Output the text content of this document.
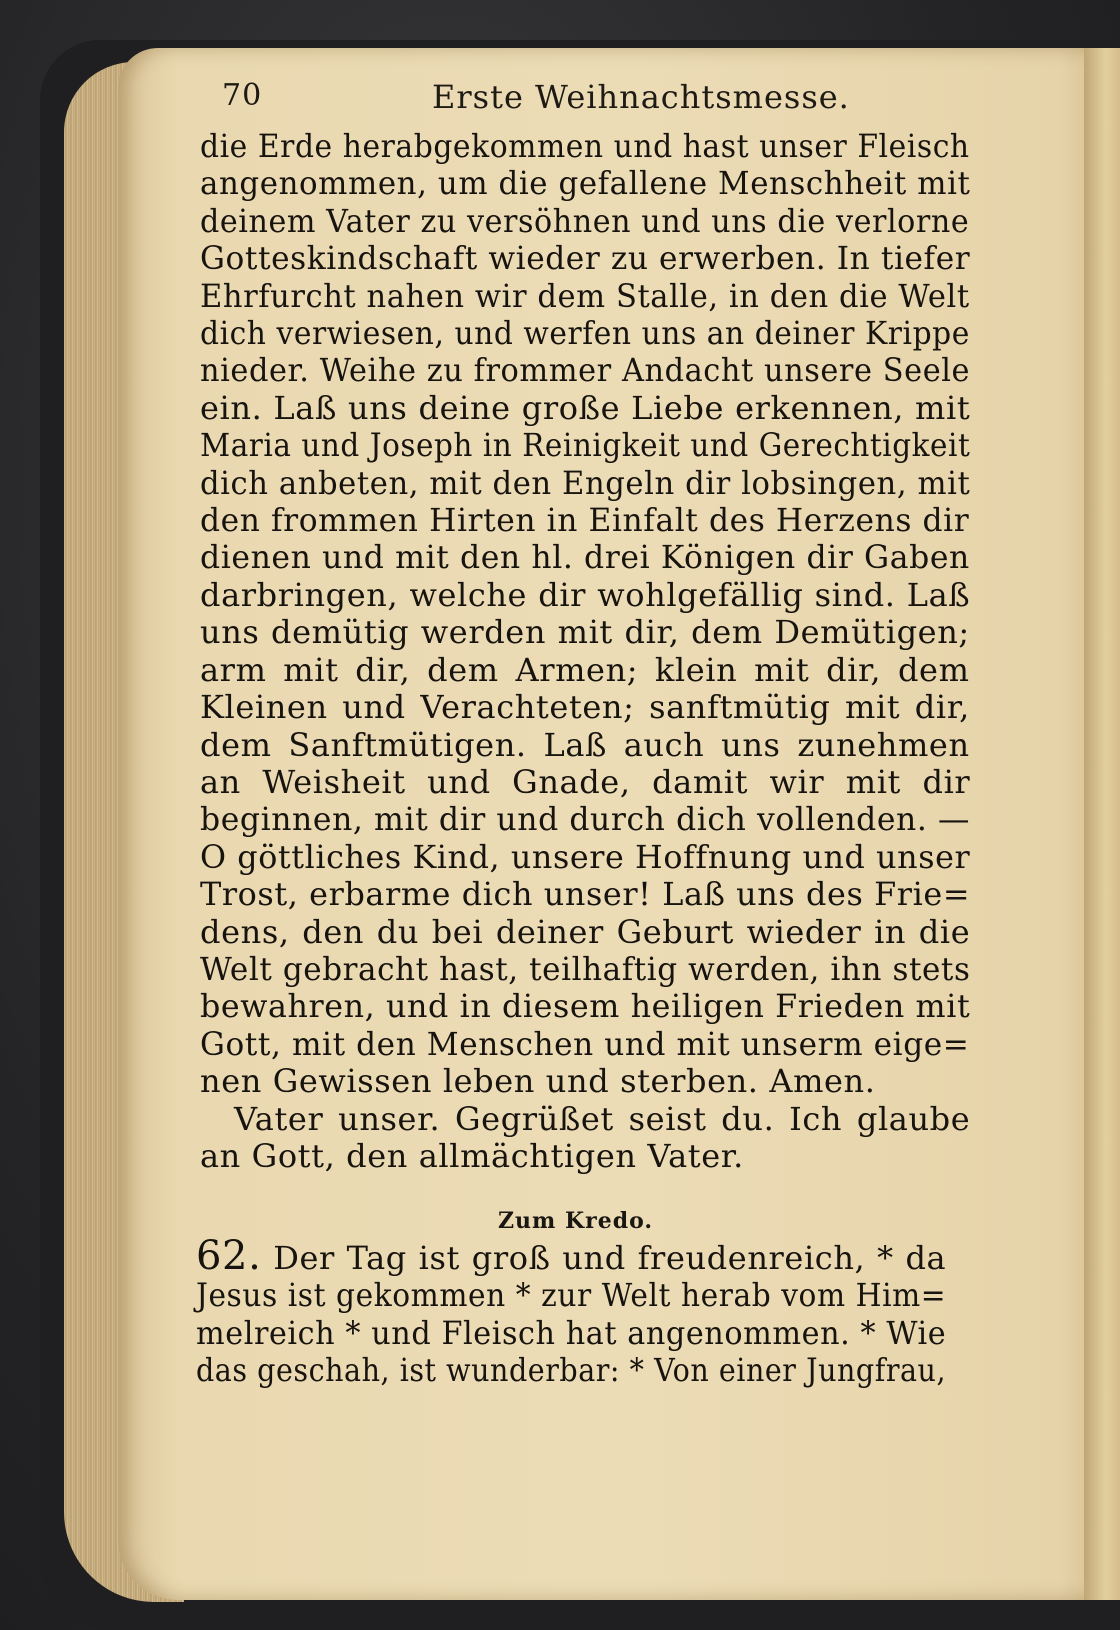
70	Erste Weihnachtsmesse.
die Erde herabgekommen und hast unser Fleisch
angenommen, um die gefallene Menschheit mit
deinem Vater zu versöhnen und uns die verlorne
Gotteskindschaft wieder zu erwerben. In tiefer
Ehrfurcht nahen wir dem Stalle, in den die Welt
dich verwiesen, und werfen uns an deiner Krippe
nieder. Weihe zu frommer Andacht unsere Seele
ein. Laß uns deine große Liebe erkennen, mit
Maria und Joseph in Reinigkeit und Gerechtigkeit
dich anbeten, mit den Engeln dir lobsingen, mit
den frommen Hirten in Einfalt des Herzens dir
dienen und mit den hl. drei Königen dir Gaben
darbringen, welche dir wohlgefällig sind. Laß
uns demütig werden mit dir, dem Demütigen;
arm mit dir, dem Armen; klein mit dir, dem
Kleinen und Verachteten; sanftmütig mit dir,
dem Sanftmütigen. Laß auch uns zunehmen
an Weisheit und Gnade, damit wir mit dir
beginnen, mit dir und durch dich vollenden. —
O göttliches Kind, unsere Hoffnung und unser
Trost, erbarme dich unser! Laß uns des Frie=
dens, den du bei deiner Geburt wieder in die
Welt gebracht hast, teilhaftig werden, ihn stets
bewahren, und in diesem heiligen Frieden mit
Gott, mit den Menschen und mit unserm eige=
nen Gewissen leben und sterben. Amen.
Vater unser. Gegrüßet seist du. Ich glaube
an Gott, den allmächtigen Vater.
Zum Kredo.
62. Der Tag ist groß und freudenreich, * da
Jesus ist gekommen * zur Welt herab vom Him=
melreich * und Fleisch hat angenommen. * Wie
das geschah, ist wunderbar: * Von einer Jungfrau,
